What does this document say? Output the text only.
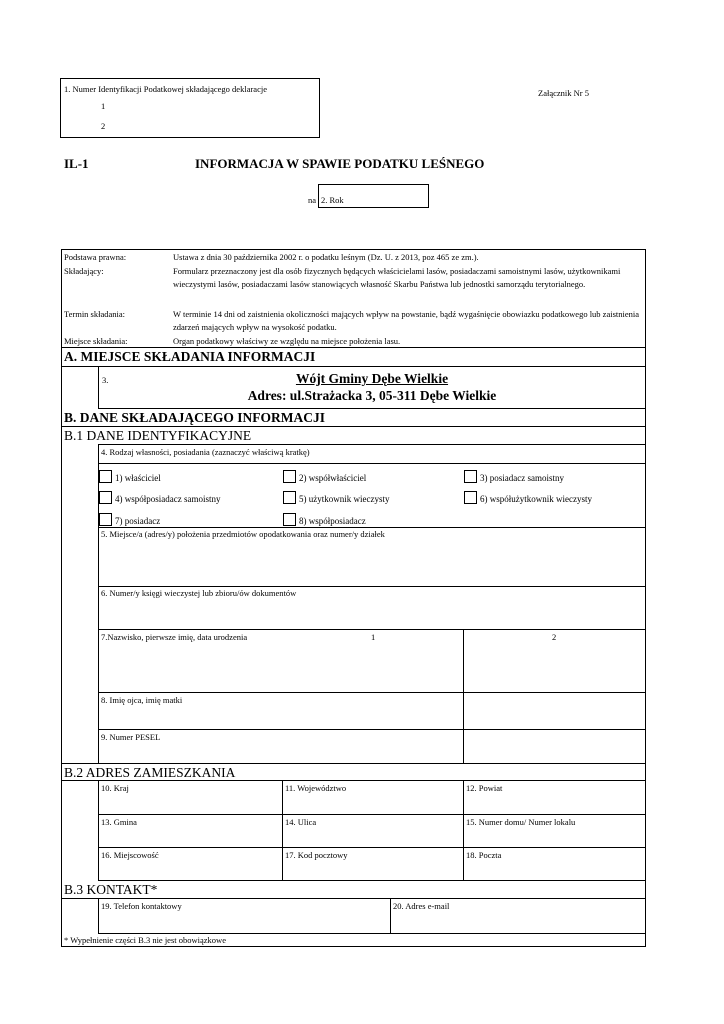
1. Numer Identyfikacji Podatkowej składającego deklaracje
1
2
Załącznik Nr 5
IL-1	INFORMACJA W SPAWIE PODATKU LEŚNEGO
na 2. Rok
Podstawa prawna:	Ustawa z dnia 30 października 2002 r. o podatku leśnym (Dz. U. z 2013, poz 465 ze zm.).
Składający:	Formularz przeznaczony jest dla osób fizycznych będących właścicielami lasów, posiadaczami samoistnymi lasów, użytkownikami wieczystymi lasów, posiadaczami lasów stanowiących własność Skarbu Państwa lub jednostki samorządu terytorialnego.
Termin składania:	W terminie 14 dni od zaistnienia okoliczności mających wpływ na powstanie, bądź wygaśnięcie obowiazku podatkowego lub zaistnienia zdarzeń mających wpływ na wysokość podatku.
Miejsce składania:	Organ podatkowy właściwy ze względu na miejsce położenia lasu.
A. MIEJSCE SKŁADANIA INFORMACJI
3.	Wójt Gminy Dębe Wielkie
Adres: ul.Strażacka 3, 05-311 Dębe Wielkie
B. DANE SKŁADAJĄCEGO INFORMACJI
B.1 DANE IDENTYFIKACYJNE
4. Rodzaj własności, posiadania (zaznaczyć właściwą kratkę)
1) właściciel	2) współwłaściciel	3) posiadacz samoistny
4) współposiadacz samoistny	5) użytkownik wieczysty	6) współużytkownik wieczysty
7) posiadacz	8) współposiadacz
5. Miejsce/a (adres/y) położenia przedmiotów opodatkowania oraz numer/y działek
6. Numer/y księgi wieczystej lub zbioru/ów dokumentów
7.Nazwisko, pierwsze imię, data urodzenia	1	2
8. Imię ojca, imię matki
9. Numer PESEL
B.2 ADRES ZAMIESZKANIA
10. Kraj	11. Województwo	12. Powiat
13. Gmina	14. Ulica	15. Numer domu/ Numer lokalu
16. Miejscowość	17. Kod pocztowy	18. Poczta
B.3 KONTAKT*
19. Telefon kontaktowy	20. Adres e-mail
* Wypełnienie części B.3 nie jest obowiązkowe
